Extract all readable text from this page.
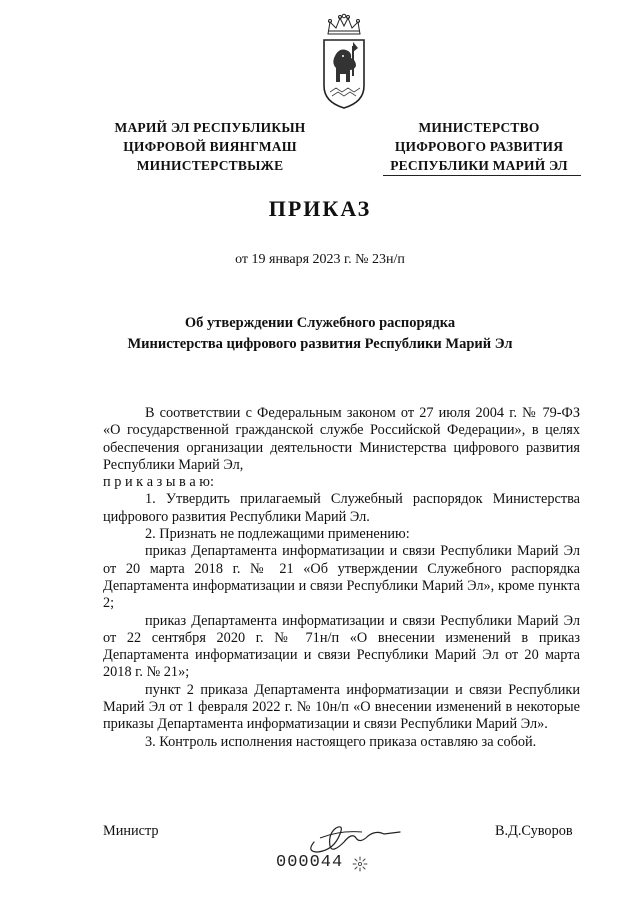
МАРИЙ ЭЛ РЕСПУБЛИКЫН
ЦИФРОВОЙ ВИЯНГМАШ
МИНИСТЕРСТВЫЖЕ
МИНИСТЕРСТВО
ЦИФРОВОГО РАЗВИТИЯ
РЕСПУБЛИКИ МАРИЙ ЭЛ
ПРИКАЗ
от 19 января 2023 г. № 23н/п
Об утверждении Служебного распорядка
Министерства цифрового развития Республики Марий Эл

В соответствии с Федеральным законом от 27 июля 2004 г. № 79-ФЗ «О государственной гражданской службе Российской Федерации», в целях обеспечения организации деятельности Министерства цифрового развития Республики Марий Эл,

п р и к а з ы в а ю:

1. Утвердить прилагаемый Служебный распорядок Министерства цифрового развития Республики Марий Эл.

2. Признать не подлежащими применению:

приказ Департамента информатизации и связи Республики Марий Эл от 20 марта 2018 г. № 21 «Об утверждении Служебного распорядка Департамента информатизации и связи Республики Марий Эл», кроме пункта 2;

приказ Департамента информатизации и связи Республики Марий Эл от 22 сентября 2020 г. № 71н/п «О внесении изменений в приказ Департамента информатизации и связи Республики Марий Эл от 20 марта 2018 г. № 21»;

пункт 2 приказа Департамента информатизации и связи Республики Марий Эл от 1 февраля 2022 г. № 10н/п «О внесении изменений в некоторые приказы Департамента информатизации и связи Республики Марий Эл».

3. Контроль исполнения настоящего приказа оставляю за собой.

Министр	В.Д.Суворов
000044
